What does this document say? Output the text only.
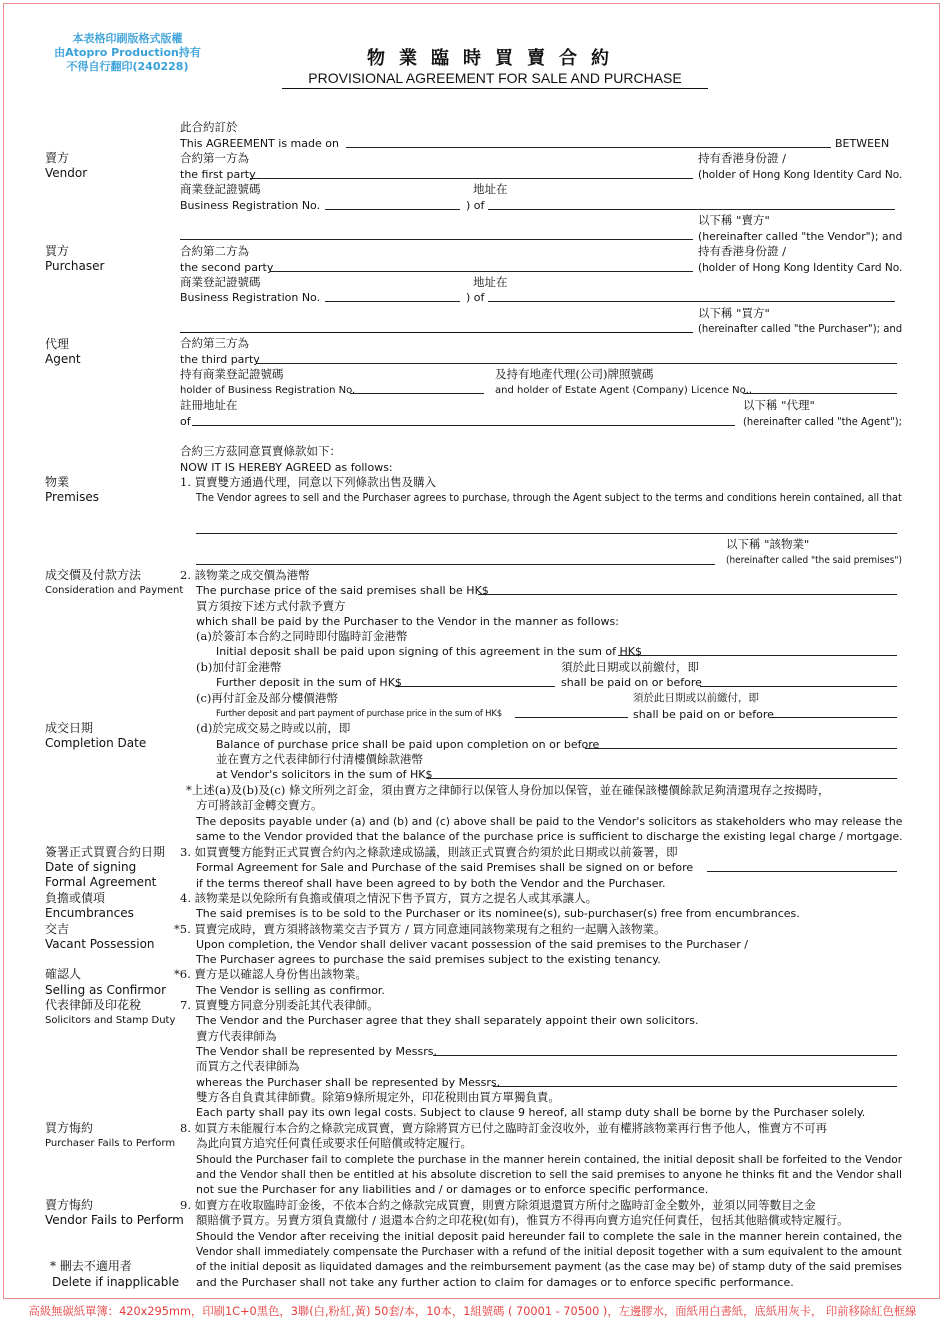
本表格印刷版格式版權
由Atopro Production持有
不得自行翻印(240228)	物業臨時買賣合約
PROVISIONAL AGREEMENT FOR SALE AND PURCHASE
此合約訂於
This AGREEMENT is made on	BETWEEN
賣方
Vendor
合約第一方為
the first party
持有香港身份證 /
(holder of Hong Kong Identity Card No.
商業登記證號碼
Business Registration No.
地址在
) of
以下稱 "賣方"
(hereinafter called "the Vendor"); and
買方
Purchaser
合約第二方為
the second party
持有香港身份證 /
(holder of Hong Kong Identity Card No.
商業登記證號碼
Business Registration No.
地址在
) of
以下稱 "買方"
(hereinafter called "the Purchaser"); and
代理
Agent
合約第三方為
the third party
持有商業登記證號碼
holder of Business Registration No.
及持有地產代理(公司)牌照號碼
and holder of Estate Agent (Company) Licence No.,
註冊地址在
of
以下稱 "代理"
(hereinafter called "the Agent");
合約三方茲同意買賣條款如下：
NOW IT IS HEREBY AGREED as follows:
物業
Premises
1. 買賣雙方通過代理，同意以下列條款出售及購入
The Vendor agrees to sell and the Purchaser agrees to purchase, through the Agent subject to the terms and conditions herein contained, all that
以下稱 "該物業"
(hereinafter called "the said premises")
成交價及付款方法
Consideration and Payment
2. 該物業之成交價為港幣
The purchase price of the said premises shall be HK$
買方須按下述方式付款予賣方
which shall be paid by the Purchaser to the Vendor in the manner as follows:
(a)於簽訂本合約之同時即付臨時訂金港幣
Initial deposit shall be paid upon signing of this agreement in the sum of HK$
(b)加付訂金港幣
Further deposit in the sum of HK$
須於此日期或以前繳付，即
shall be paid on or before
(c)再付訂金及部分樓價港幣
Further deposit and part payment of purchase price in the sum of HK$
須於此日期或以前繳付，即
shall be paid on or before
成交日期
Completion Date
(d)於完成交易之時或以前，即
Balance of purchase price shall be paid upon completion on or before
並在賣方之代表律師行付清樓價餘款港幣
at Vendor's solicitors in the sum of HK$
*上述(a)及(b)及(c) 條文所列之訂金，須由賣方之律師行以保管人身份加以保管，並在確保該樓價餘款足夠清還現存之按揭時，
方可將該訂金轉交賣方。
The deposits payable under (a) and (b) and (c) above shall be paid to the Vendor's solicitors as stakeholders who may release the
same to the Vendor provided that the balance of the purchase price is sufficient to discharge the existing legal charge / mortgage.
簽署正式買賣合約日期
Date of signing
Formal Agreement
3. 如買賣雙方能對正式買賣合約內之條款達成協議，則該正式買賣合約須於此日期或以前簽署，即
Formal Agreement for Sale and Purchase of the said Premises shall be signed on or before
if the terms thereof shall have been agreed to by both the Vendor and the Purchaser.
負擔或債項
Encumbrances
4. 該物業是以免除所有負擔或債項之情況下售予買方，買方之提名人或其承讓人。
The said premises is to be sold to the Purchaser or its nominee(s), sub-purchaser(s) free from encumbrances.
交吉
Vacant Possession
*5. 買賣完成時，賣方須將該物業交吉予買方 / 買方同意連同該物業現有之租約一起購入該物業。
Upon completion, the Vendor shall deliver vacant possession of the said premises to the Purchaser /
The Purchaser agrees to purchase the said premises subject to the existing tenancy.
確認人
Selling as Confirmor
*6. 賣方是以確認人身份售出該物業。
The Vendor is selling as confirmor.
代表律師及印花稅
Solicitors and Stamp Duty
7. 買賣雙方同意分別委託其代表律師。
The Vendor and the Purchaser agree that they shall separately appoint their own solicitors.
賣方代表律師為
The Vendor shall be represented by Messrs.
而買方之代表律師為
whereas the Purchaser shall be represented by Messrs.
雙方各自負責其律師費。除第9條所規定外，印花稅則由買方單獨負責。
Each party shall pay its own legal costs. Subject to clause 9 hereof, all stamp duty shall be borne by the Purchaser solely.
買方悔約
Purchaser Fails to Perform
8. 如買方未能履行本合約之條款完成買賣，賣方除將買方已付之臨時訂金沒收外，並有權將該物業再行售予他人，惟賣方不可再
為此向買方追究任何責任或要求任何賠償或特定履行。
Should the Purchaser fail to complete the purchase in the manner herein contained, the initial deposit shall be forfeited to the Vendor
and the Vendor shall then be entitled at his absolute discretion to sell the said premises to anyone he thinks fit and the Vendor shall
not sue the Purchaser for any liabilities and / or damages or to enforce specific performance.
賣方悔約
Vendor Fails to Perform
9. 如賣方在收取臨時訂金後，不依本合約之條款完成買賣，則賣方除須退還買方所付之臨時訂金全數外，並須以同等數目之金
額賠償予買方。另賣方須負責繳付 / 退還本合約之印花稅(如有)，惟買方不得再向賣方追究任何責任，包括其他賠償或特定履行。
Should the Vendor after receiving the initial deposit paid hereunder fail to complete the sale in the manner herein contained, the
Vendor shall immediately compensate the Purchaser with a refund of the initial deposit together with a sum equivalent to the amount
of the initial deposit as liquidated damages and the reimbursement payment (as the case may be) of stamp duty of the said premises
and the Purchaser shall not take any further action to claim for damages or to enforce specific performance.
* 刪去不適用者
Delete if inapplicable
高級無碳紙單簿：420x295mm，印刷1C+0黑色，3聯(白,粉紅,黃) 50套/本，10本，1組號碼 ( 70001 - 70500 )，左邊膠水，面紙用白書紙，底紙用灰卡， 印前移除紅色框線
